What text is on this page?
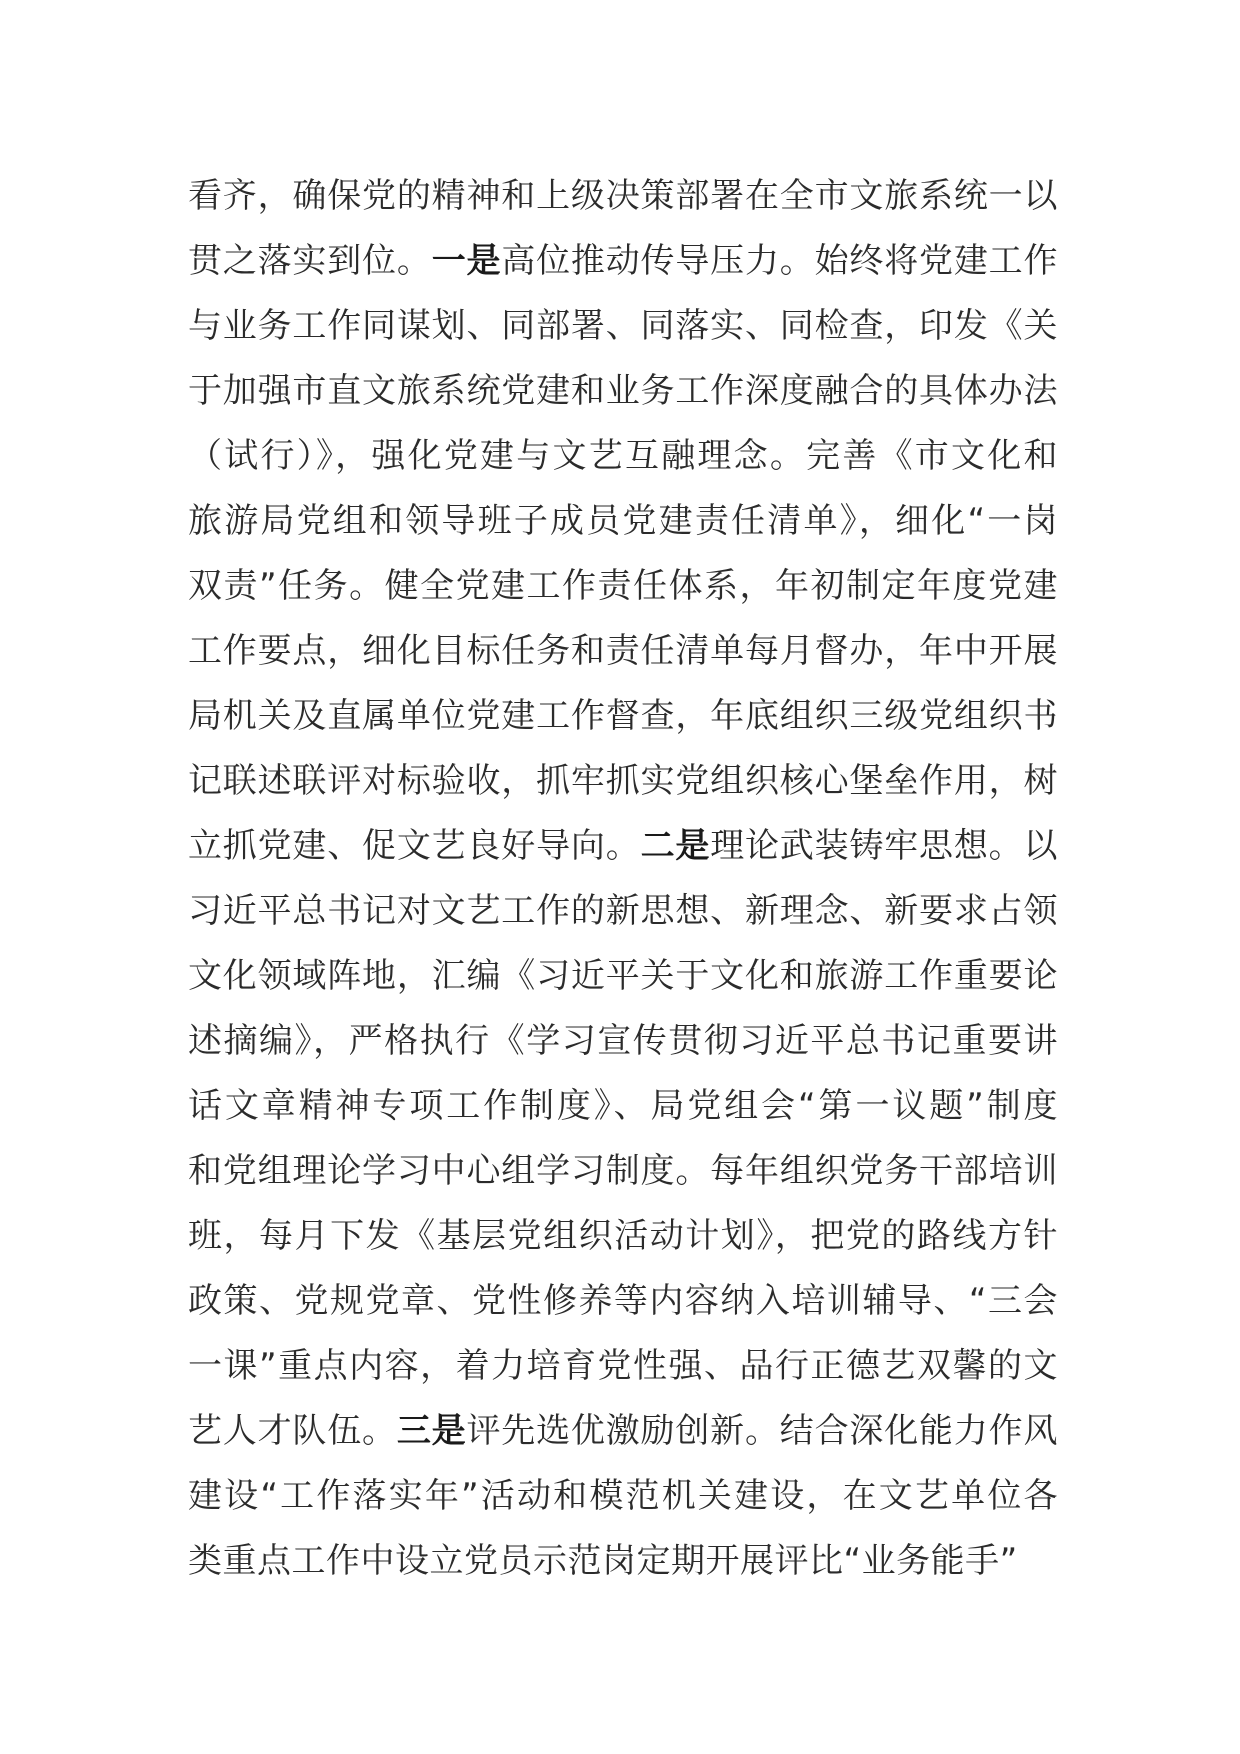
看齐，确保党的精神和上级决策部署在全市文旅系统一以
贯之落实到位。一是高位推动传导压力。始终将党建工作
与业务工作同谋划、同部署、同落实、同检查，印发《关
于加强市直文旅系统党建和业务工作深度融合的具体办法
（试行）》，强化党建与文艺互融理念。完善《市文化和
旅游局党组和领导班子成员党建责任清单》，细化“一岗
双责”任务。健全党建工作责任体系，年初制定年度党建
工作要点，细化目标任务和责任清单每月督办，年中开展
局机关及直属单位党建工作督查，年底组织三级党组织书
记联述联评对标验收，抓牢抓实党组织核心堡垒作用，树
立抓党建、促文艺良好导向。二是理论武装铸牢思想。以
习近平总书记对文艺工作的新思想、新理念、新要求占领
文化领域阵地，汇编《习近平关于文化和旅游工作重要论
述摘编》，严格执行《学习宣传贯彻习近平总书记重要讲
话文章精神专项工作制度》、局党组会“第一议题”制度
和党组理论学习中心组学习制度。每年组织党务干部培训
班，每月下发《基层党组织活动计划》，把党的路线方针
政策、党规党章、党性修养等内容纳入培训辅导、“三会
一课”重点内容，着力培育党性强、品行正德艺双馨的文
艺人才队伍。三是评先选优激励创新。结合深化能力作风
建设“工作落实年”活动和模范机关建设，在文艺单位各
类重点工作中设立党员示范岗定期开展评比“业务能手”
